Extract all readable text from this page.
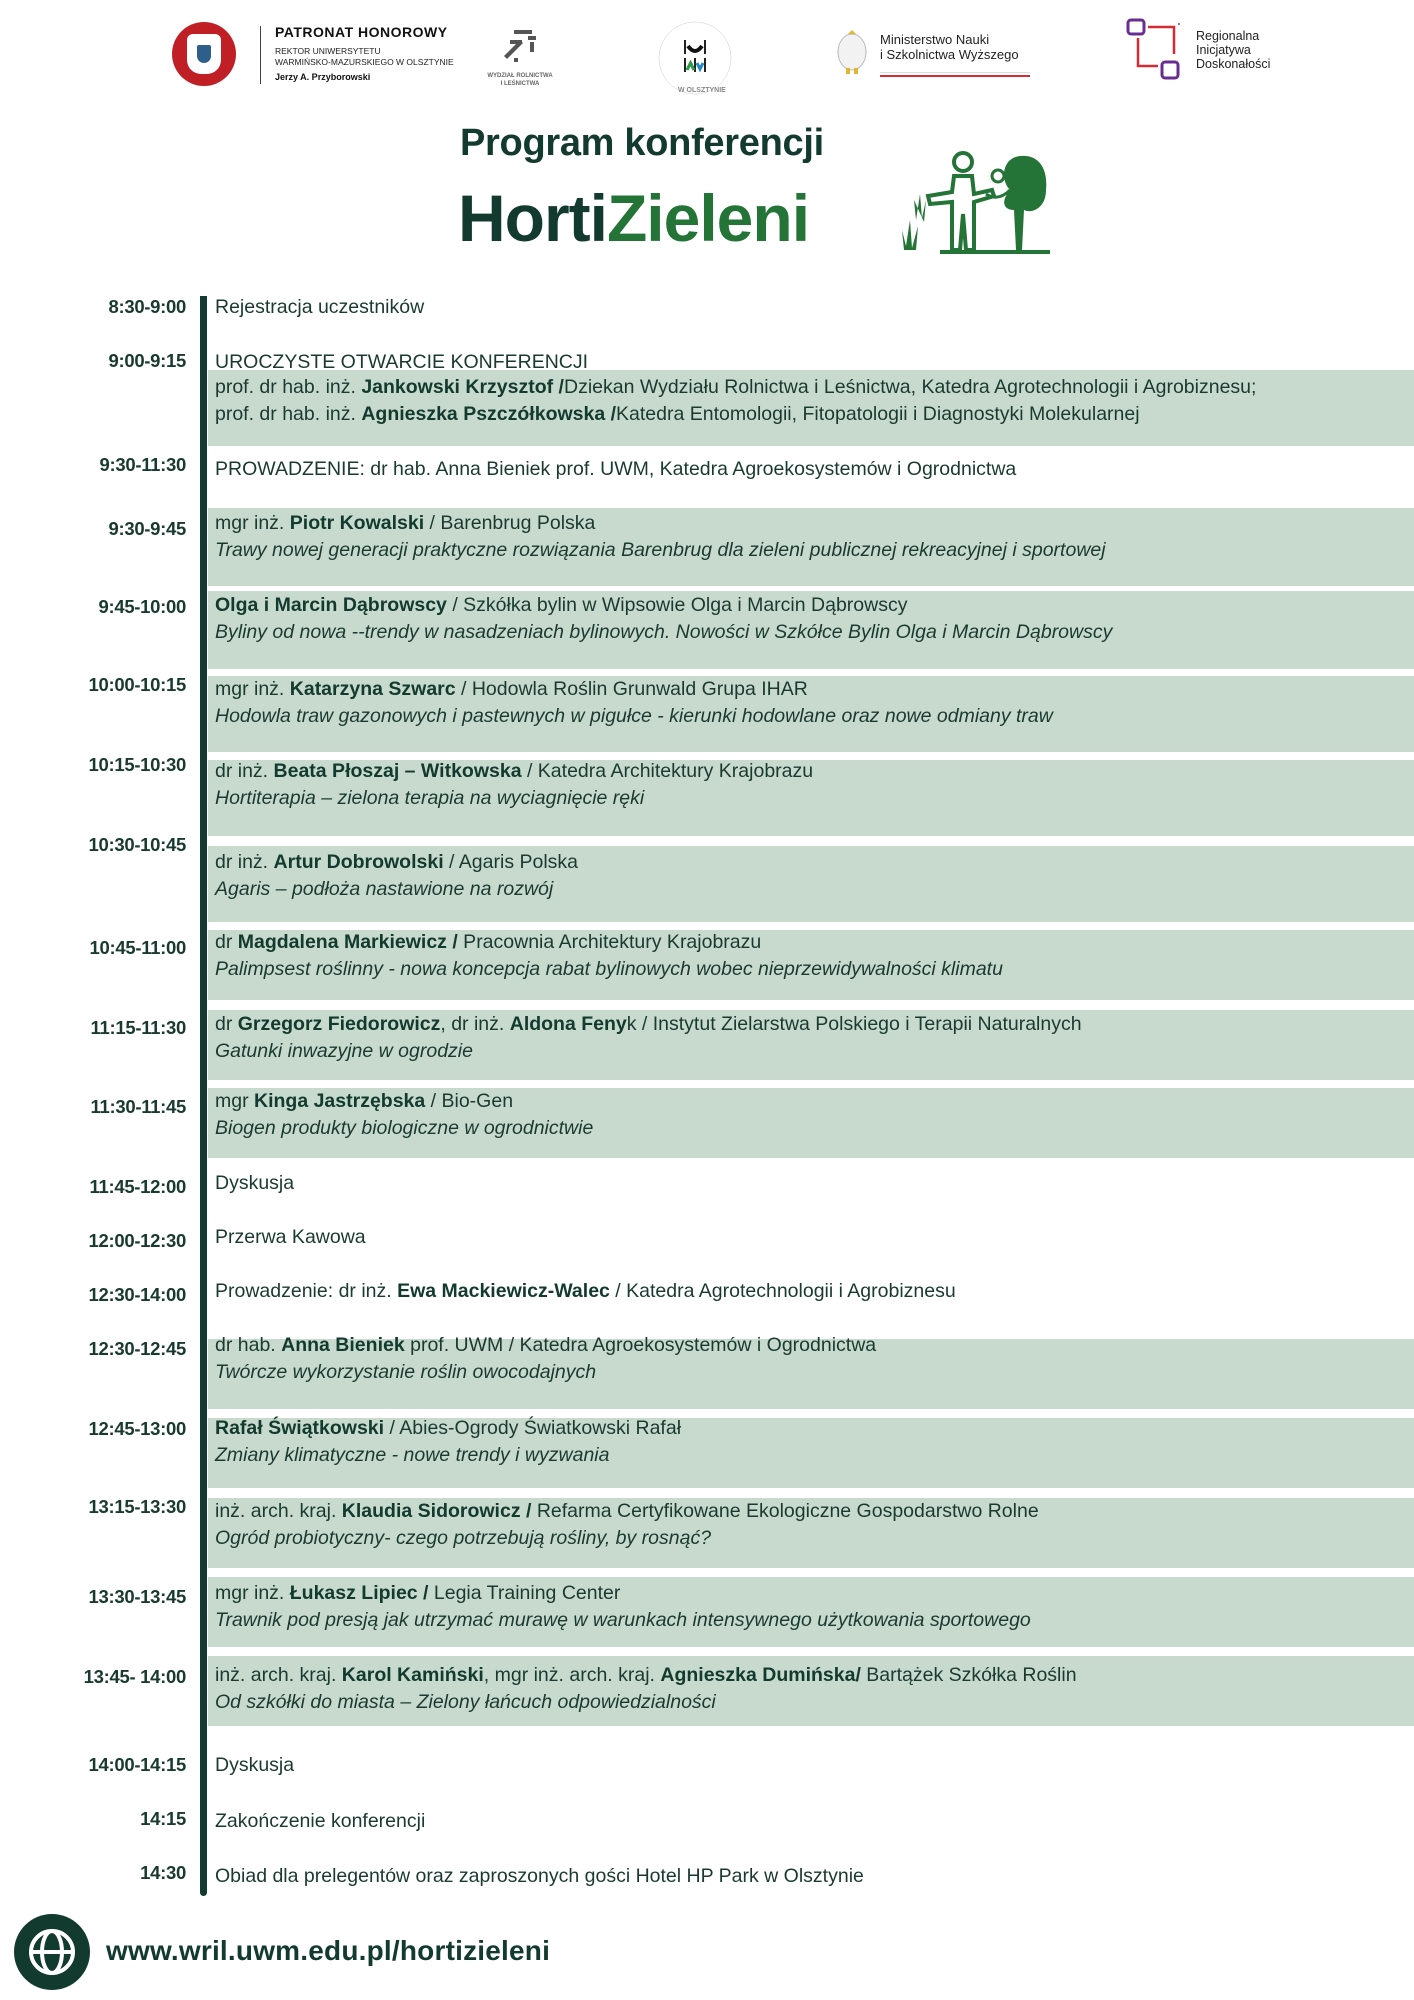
PATRONAT HONOROWY
REKTOR UNIWERSYTETU
WARMIŃSKO-MAZURSKIEGO W OLSZTYNIE
Jerzy A. Przyborowski	WYDZIAŁ ROLNICTWA
I LEŚNICTWA
W OLSZTYNIE
Ministerstwo Nauki
i Szkolnictwa Wyższego
Regionalna
Inicjatywa
Doskonałości
Program konferencji
HortiZieleni
8:30-9:00 Rejestracja uczestników
9:00-9:15 UROCZYSTE OTWARCIE KONFERENCJI
prof. dr hab. inż. Jankowski Krzysztof /Dziekan Wydziału Rolnictwa i Leśnictwa, Katedra Agrotechnologii i Agrobiznesu;
prof. dr hab. inż. Agnieszka Pszczółkowska /Katedra Entomologii, Fitopatologii i Diagnostyki Molekularnej
9:30-11:30 PROWADZENIE: dr hab. Anna Bieniek prof. UWM, Katedra Agroekosystemów i Ogrodnictwa
9:30-9:45 mgr inż. Piotr Kowalski / Barenbrug Polska
Trawy nowej generacji praktyczne rozwiązania Barenbrug dla zieleni publicznej rekreacyjnej i sportowej
9:45-10:00 Olga i Marcin Dąbrowscy / Szkółka bylin w Wipsowie Olga i Marcin Dąbrowscy
Byliny od nowa --trendy w nasadzeniach bylinowych. Nowości w Szkółce Bylin Olga i Marcin Dąbrowscy
10:00-10:15 mgr inż. Katarzyna Szwarc / Hodowla Roślin Grunwald Grupa IHAR
Hodowla traw gazonowych i pastewnych w pigułce - kierunki hodowlane oraz nowe odmiany traw
10:15-10:30 dr inż. Beata Płoszaj – Witkowska / Katedra Architektury Krajobrazu
Hortiterapia – zielona terapia na wyciagnięcie ręki
10:30-10:45
dr inż. Artur Dobrowolski / Agaris Polska
Agaris – podłoża nastawione na rozwój
10:45-11:00 dr Magdalena Markiewicz / Pracownia Architektury Krajobrazu
Palimpsest roślinny - nowa koncepcja rabat bylinowych wobec nieprzewidywalności klimatu
11:15-11:30 dr Grzegorz Fiedorowicz, dr inż. Aldona Fenyk / Instytut Zielarstwa Polskiego i Terapii Naturalnych
Gatunki inwazyjne w ogrodzie
11:30-11:45 mgr Kinga Jastrzębska / Bio-Gen
Biogen produkty biologiczne w ogrodnictwie
11:45-12:00 Dyskusja
12:00-12:30 Przerwa Kawowa
12:30-14:00 Prowadzenie: dr inż. Ewa Mackiewicz-Walec / Katedra Agrotechnologii i Agrobiznesu
12:30-12:45 dr hab. Anna Bieniek prof. UWM / Katedra Agroekosystemów i Ogrodnictwa
Twórcze wykorzystanie roślin owocodajnych
12:45-13:00 Rafał Świątkowski / Abies-Ogrody Światkowski Rafał
Zmiany klimatyczne - nowe trendy i wyzwania
13:15-13:30 inż. arch. kraj. Klaudia Sidorowicz / Refarma Certyfikowane Ekologiczne Gospodarstwo Rolne
Ogród probiotyczny- czego potrzebują rośliny, by rosnąć?
13:30-13:45 mgr inż. Łukasz Lipiec / Legia Training Center
Trawnik pod presją jak utrzymać murawę w warunkach intensywnego użytkowania sportowego
13:45- 14:00 inż. arch. kraj. Karol Kamiński, mgr inż. arch. kraj. Agnieszka Dumińska/ Bartążek Szkółka Roślin
Od szkółki do miasta – Zielony łańcuch odpowiedzialności
14:00-14:15 Dyskusja
14:15 Zakończenie konferencji
14:30 Obiad dla prelegentów oraz zaproszonych gości Hotel HP Park w Olsztynie
www.wril.uwm.edu.pl/hortizieleni
